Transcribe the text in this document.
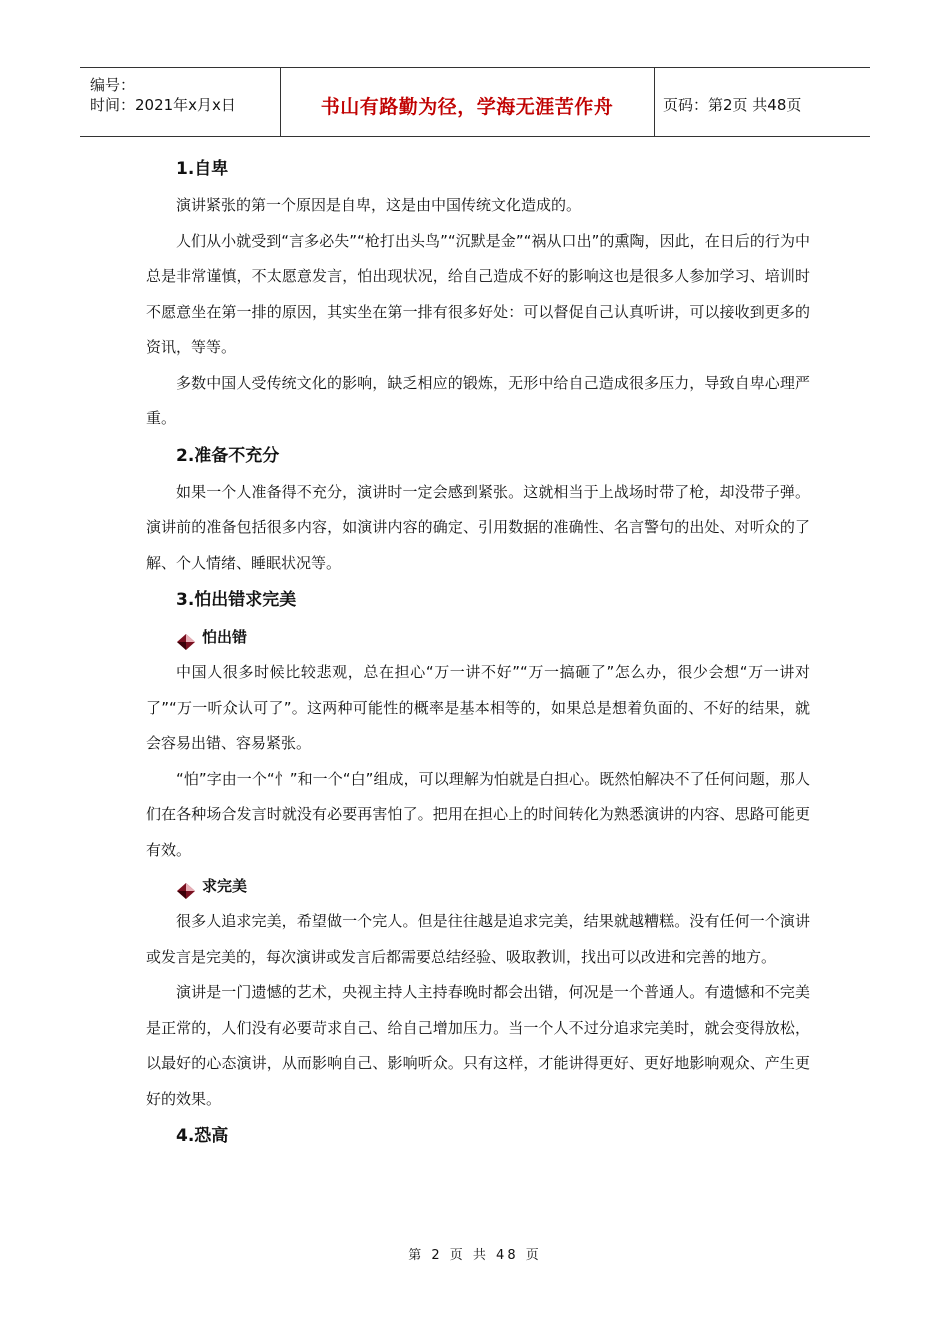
编号：
时间：2021年x月x日	书山有路勤为径，学海无涯苦作舟	页码：第2页 共48页
1.自卑

演讲紧张的第一个原因是自卑，这是由中国传统文化造成的。

人们从小就受到“言多必失”“枪打出头鸟”“沉默是金”“祸从口出”的熏陶，因此，在日后的行为中总是非常谨慎，不太愿意发言，怕出现状况，给自己造成不好的影响这也是很多人参加学习、培训时不愿意坐在第一排的原因，其实坐在第一排有很多好处：可以督促自己认真听讲，可以接收到更多的资讯，等等。

多数中国人受传统文化的影响，缺乏相应的锻炼，无形中给自己造成很多压力，导致自卑心理严重。

2.准备不充分

如果一个人准备得不充分，演讲时一定会感到紧张。这就相当于上战场时带了枪，却没带子弹。演讲前的准备包括很多内容，如演讲内容的确定、引用数据的准确性、名言警句的出处、对听众的了解、个人情绪、睡眠状况等。

3.怕出错求完美
怕出错

中国人很多时候比较悲观，总在担心“万一讲不好”“万一搞砸了”怎么办，很少会想“万一讲对了”“万一听众认可了”。这两种可能性的概率是基本相等的，如果总是想着负面的、不好的结果，就会容易出错、容易紧张。

“怕”字由一个“忄”和一个“白”组成，可以理解为怕就是白担心。既然怕解决不了任何问题，那人们在各种场合发言时就没有必要再害怕了。把用在担心上的时间转化为熟悉演讲的内容、思路可能更有效。

求完美

很多人追求完美，希望做一个完人。但是往往越是追求完美，结果就越糟糕。没有任何一个演讲或发言是完美的，每次演讲或发言后都需要总结经验、吸取教训，找出可以改进和完善的地方。

演讲是一门遗憾的艺术，央视主持人主持春晚时都会出错，何况是一个普通人。有遗憾和不完美是正常的，人们没有必要苛求自己、给自己增加压力。当一个人不过分追求完美时，就会变得放松，以最好的心态演讲，从而影响自己、影响听众。只有这样，才能讲得更好、更好地影响观众、产生更好的效果。

4.恐高
第 2 页 共 48 页
